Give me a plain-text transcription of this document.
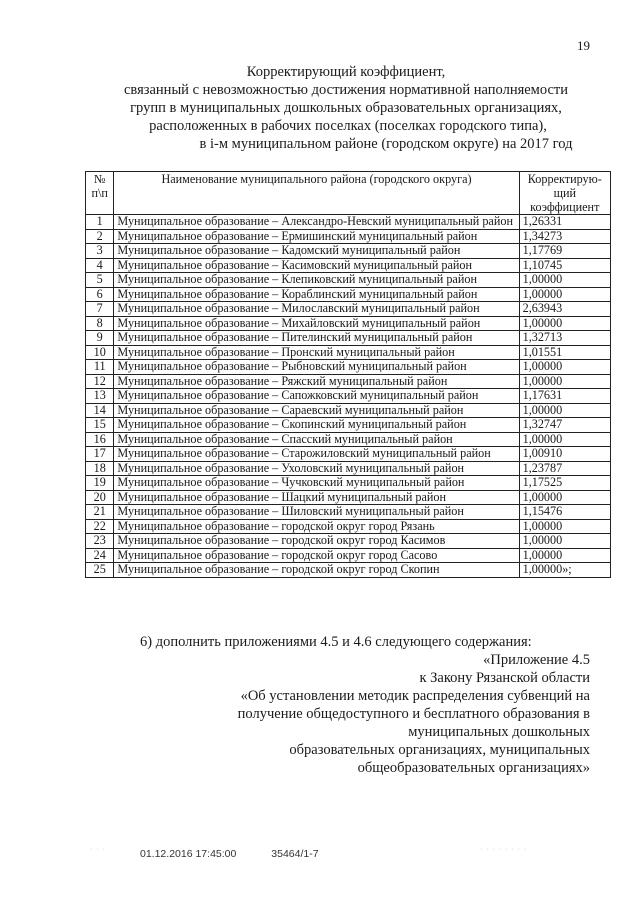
19
Корректирующий коэффициент,
связанный с невозможностью достижения нормативной наполняемости
групп в муниципальных дошкольных образовательных организациях,
расположенных в рабочих поселках (поселках городского типа),
в i-м муниципальном районе (городском округе) на 2017 год
№ п\п	Наименование муниципального района (городского округа)	Корректирую-щий коэффициент
1	Муниципальное образование – Александро-Невский муниципальный район	1,26331
2	Муниципальное образование – Ермишинский муниципальный район	1,34273
3	Муниципальное образование – Кадомский муниципальный район	1,17769
4	Муниципальное образование – Касимовский муниципальный район	1,10745
5	Муниципальное образование – Клепиковский муниципальный район	1,00000
6	Муниципальное образование – Кораблинский муниципальный район	1,00000
7	Муниципальное образование – Милославский муниципальный район	2,63943
8	Муниципальное образование – Михайловский муниципальный район	1,00000
9	Муниципальное образование – Пителинский муниципальный район	1,32713
10	Муниципальное образование – Пронский муниципальный район	1,01551
11	Муниципальное образование – Рыбновский муниципальный район	1,00000
12	Муниципальное образование – Ряжский муниципальный район	1,00000
13	Муниципальное образование – Сапожковский муниципальный район	1,17631
14	Муниципальное образование – Сараевский муниципальный район	1,00000
15	Муниципальное образование – Скопинский муниципальный район	1,32747
16	Муниципальное образование – Спасский муниципальный район	1,00000
17	Муниципальное образование – Старожиловский муниципальный район	1,00910
18	Муниципальное образование – Ухоловский муниципальный район	1,23787
19	Муниципальное образование – Чучковский муниципальный район	1,17525
20	Муниципальное образование – Шацкий муниципальный район	1,00000
21	Муниципальное образование – Шиловский муниципальный район	1,15476
22	Муниципальное образование – городской округ город Рязань	1,00000
23	Муниципальное образование – городской округ город Касимов	1,00000
24	Муниципальное образование – городской округ город Сасово	1,00000
25	Муниципальное образование – городской округ город Скопин	1,00000»;
6) дополнить приложениями 4.5 и 4.6 следующего содержания:
«Приложение 4.5
к Закону Рязанской области
«Об установлении методик распределения субвенций на
получение общедоступного и бесплатного образования в
муниципальных дошкольных
образовательных организациях, муниципальных
общеобразовательных организациях»
· · ·	· · · · · · · ·
01.12.2016 17:45:00	35464/1-7
